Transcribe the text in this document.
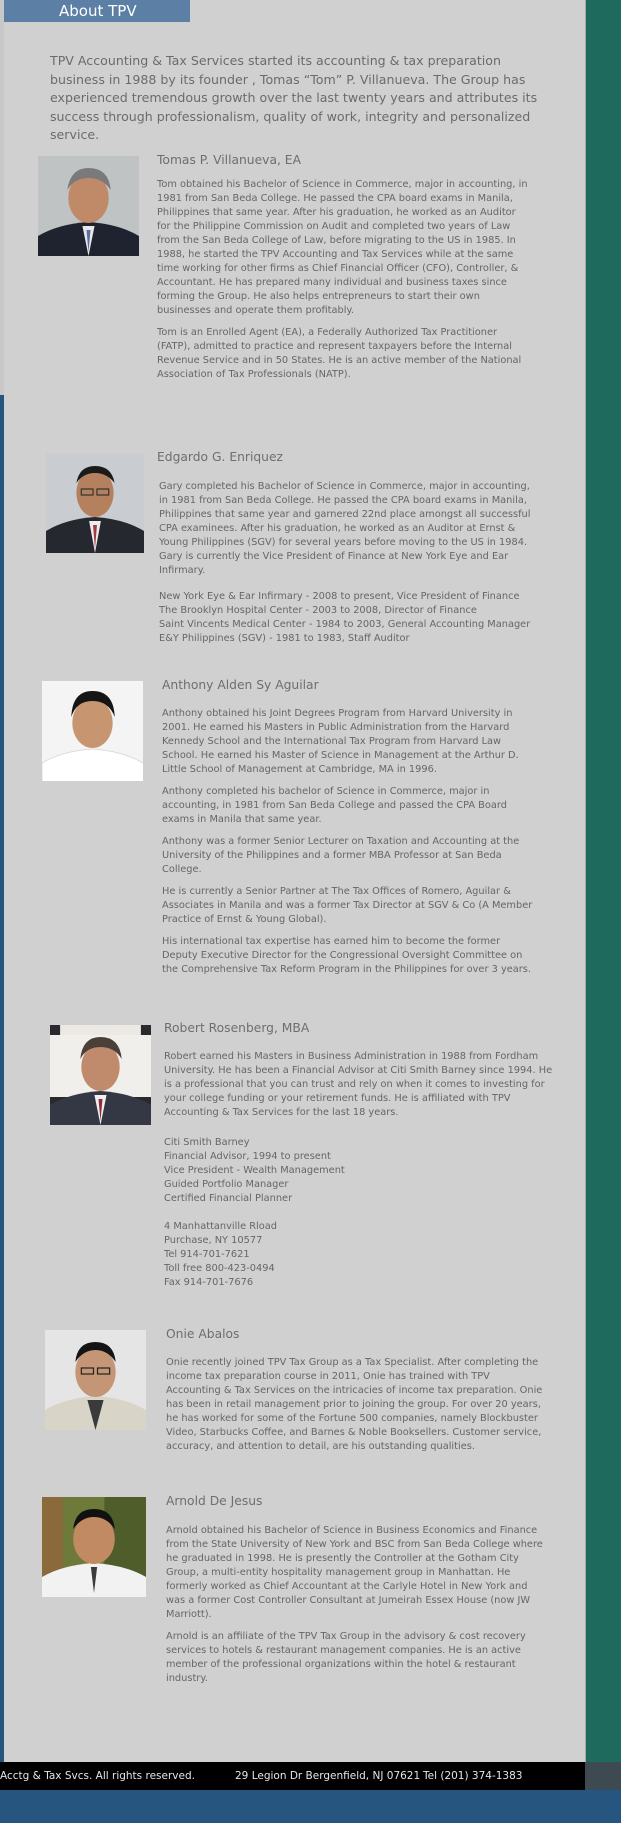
About TPV

TPV Accounting & Tax Services started its accounting & tax preparation business in 1988 by its founder , Tomas “Tom” P. Villanueva. The Group has experienced tremendous growth over the last twenty years and attributes its success through professionalism, quality of work, integrity and personalized service.

Tomas P. Villanueva, EA

Tom obtained his Bachelor of Science in Commerce, major in accounting, in 1981 from San Beda College. He passed the CPA board exams in Manila, Philippines that same year. After his graduation, he worked as an Auditor for the Philippine Commission on Audit and completed two years of Law from the San Beda College of Law, before migrating to the US in 1985. In 1988, he started the TPV Accounting and Tax Services while at the same time working for other firms as Chief Financial Officer (CFO), Controller, & Accountant. He has prepared many individual and business taxes since forming the Group. He also helps entrepreneurs to start their own businesses and operate them profitably.

Tom is an Enrolled Agent (EA), a Federally Authorized Tax Practitioner (FATP), admitted to practice and represent taxpayers before the Internal Revenue Service and in 50 States. He is an active member of the National Association of Tax Professionals (NATP).

Edgardo G. Enriquez

Gary completed his Bachelor of Science in Commerce, major in accounting, in 1981 from San Beda College. He passed the CPA board exams in Manila, Philippines that same year and garnered 22nd place amongst all successful CPA examinees. After his graduation, he worked as an Auditor at Ernst & Young Philippines (SGV) for several years before moving to the US in 1984. Gary is currently the Vice President of Finance at New York Eye and Ear Infirmary.

New York Eye & Ear Infirmary - 2008 to present, Vice President of Finance
The Brooklyn Hospital Center - 2003 to 2008, Director of Finance
Saint Vincents Medical Center - 1984 to 2003, General Accounting Manager
E&Y Philippines (SGV) - 1981 to 1983, Staff Auditor
Anthony Alden Sy Aguilar

Anthony obtained his Joint Degrees Program from Harvard University in 2001. He earned his Masters in Public Administration from the Harvard Kennedy School and the International Tax Program from Harvard Law School. He earned his Master of Science in Management at the Arthur D. Little School of Management at Cambridge, MA in 1996.

Anthony completed his bachelor of Science in Commerce, major in accounting, in 1981 from San Beda College and passed the CPA Board exams in Manila that same year.

Anthony was a former Senior Lecturer on Taxation and Accounting at the University of the Philippines and a former MBA Professor at San Beda College.

He is currently a Senior Partner at The Tax Offices of Romero, Aguilar & Associates in Manila and was a former Tax Director at SGV & Co (A Member Practice of Ernst & Young Global).

His international tax expertise has earned him to become the former Deputy Executive Director for the Congressional Oversight Committee on the Comprehensive Tax Reform Program in the Philippines for over 3 years.

Robert Rosenberg, MBA

Robert earned his Masters in Business Administration in 1988 from Fordham University. He has been a Financial Advisor at Citi Smith Barney since 1994. He is a professional that you can trust and rely on when it comes to investing for your college funding or your retirement funds. He is affiliated with TPV Accounting & Tax Services for the last 18 years.

Citi Smith Barney
Financial Advisor, 1994 to present
Vice President - Wealth Management
Guided Portfolio Manager
Certified Financial Planner
4 Manhattanville Rload
Purchase, NY 10577
Tel 914-701-7621
Toll free 800-423-0494
Fax 914-701-7676
Onie Abalos

Onie recently joined TPV Tax Group as a Tax Specialist. After completing the income tax preparation course in 2011, Onie has trained with TPV Accounting & Tax Services on the intricacies of income tax preparation. Onie has been in retail management prior to joining the group. For over 20 years, he has worked for some of the Fortune 500 companies, namely Blockbuster Video, Starbucks Coffee, and Barnes & Noble Booksellers. Customer service, accuracy, and attention to detail, are his outstanding qualities.

Arnold De Jesus

Arnold obtained his Bachelor of Science in Business Economics and Finance from the State University of New York and BSC from San Beda College where he graduated in 1998. He is presently the Controller at the Gotham City Group, a multi-entity hospitality management group in Manhattan. He formerly worked as Chief Accountant at the Carlyle Hotel in New York and was a former Cost Controller Consultant at Jumeirah Essex House (now JW Marriott).

Arnold is an affiliate of the TPV Tax Group in the advisory & cost recovery services to hotels & restaurant management companies. He is an active member of the professional organizations within the hotel & restaurant industry.

Acctg & Tax Svcs. All rights reserved.	29 Legion Dr Bergenfield, NJ 07621 Tel (201) 374-1383
